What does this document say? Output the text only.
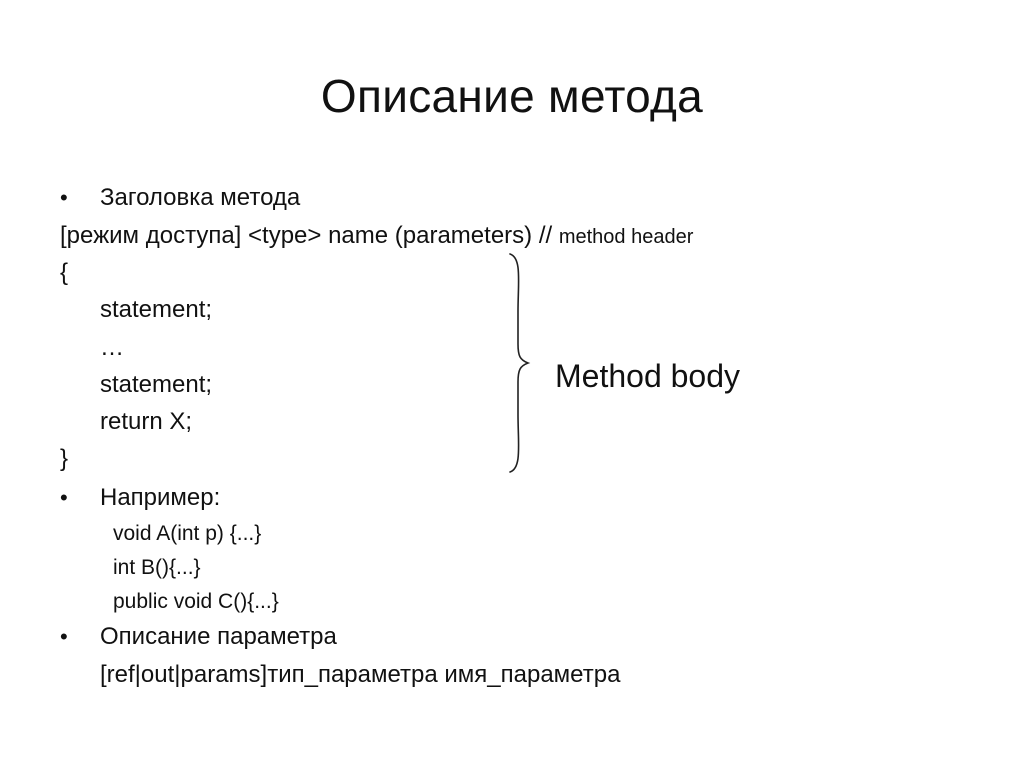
Описание метода
• Заголовка метода
[режим доступа] <type> name (parameters) // method header
{
statement;
…
statement;
return X;
}
Method body
• Например:
void A(int p) {...}
int B(){...}
public void C(){...}
• Описание параметра
[ref|out|params]тип_параметра имя_параметра
